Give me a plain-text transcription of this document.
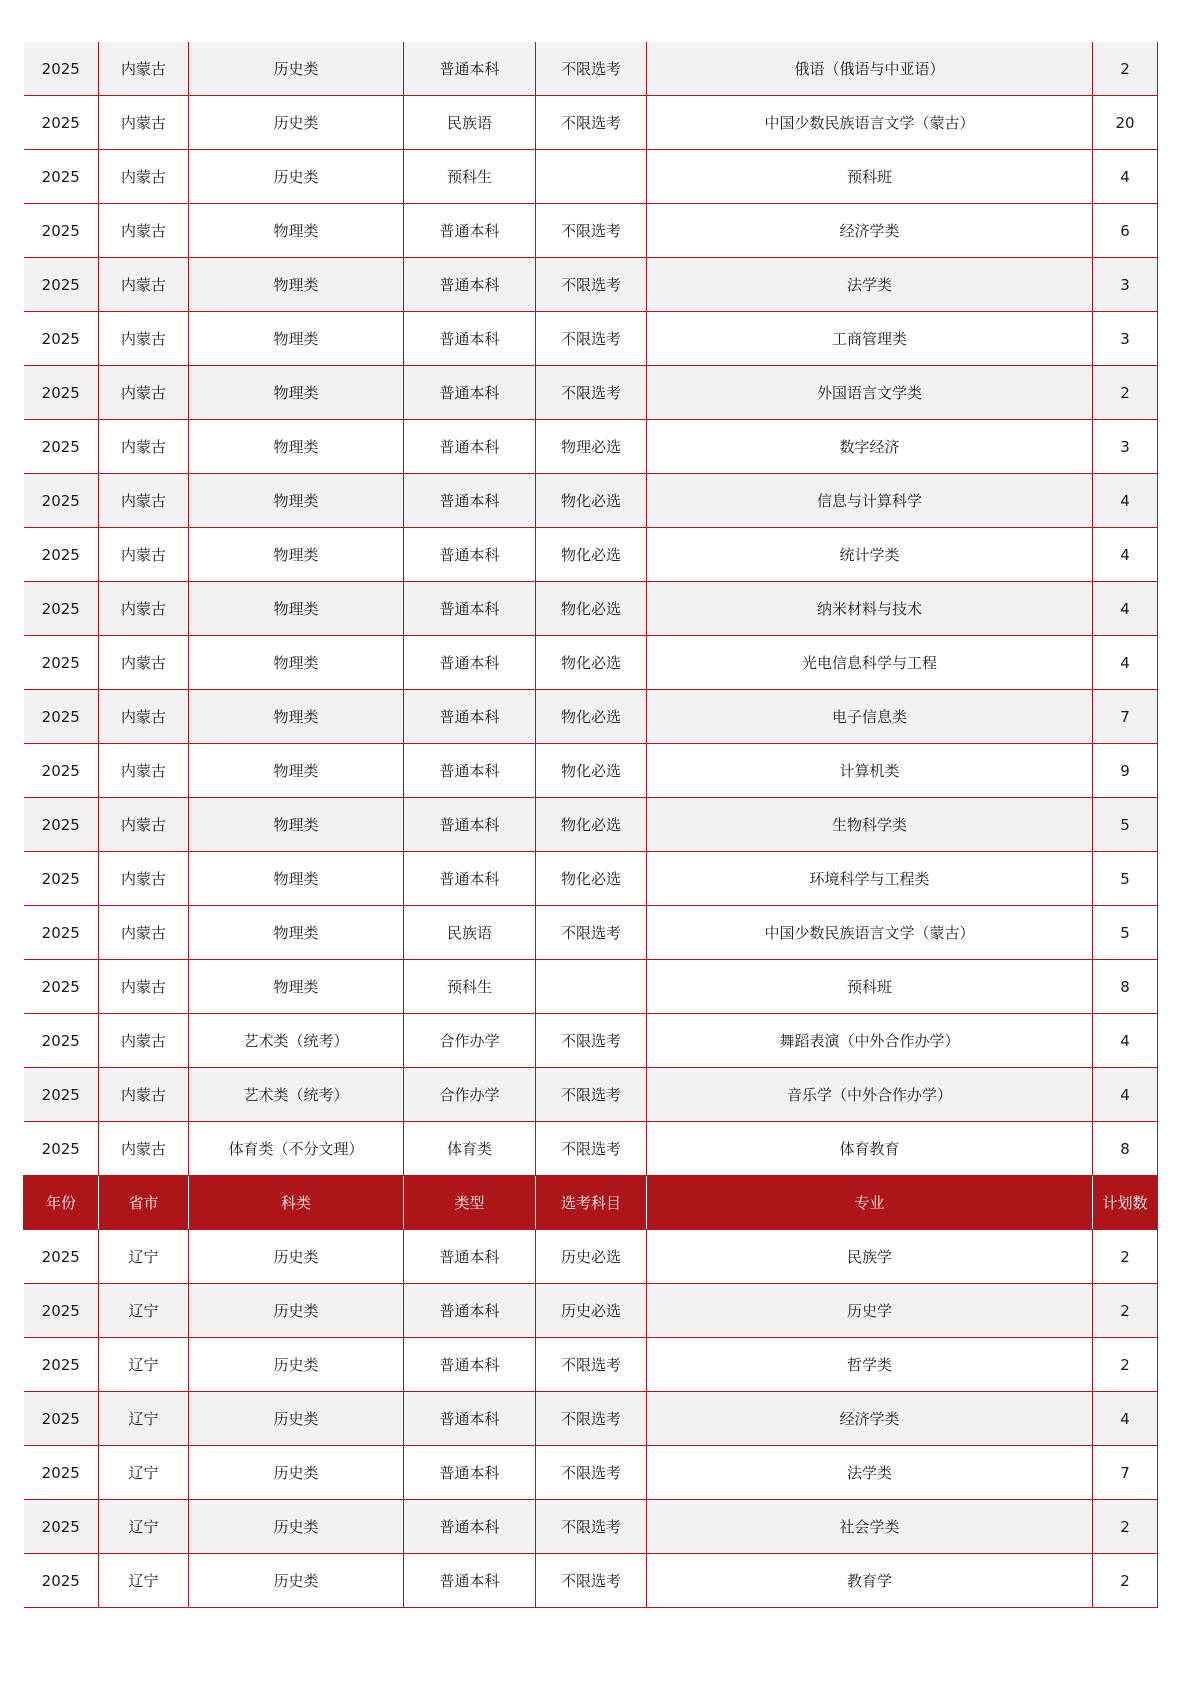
2025	内蒙古	历史类	普通本科	不限选考	俄语（俄语与中亚语）	2
2025	内蒙古	历史类	民族语	不限选考	中国少数民族语言文学（蒙古）	20
2025	内蒙古	历史类	预科生		预科班	4
2025	内蒙古	物理类	普通本科	不限选考	经济学类	6
2025	内蒙古	物理类	普通本科	不限选考	法学类	3
2025	内蒙古	物理类	普通本科	不限选考	工商管理类	3
2025	内蒙古	物理类	普通本科	不限选考	外国语言文学类	2
2025	内蒙古	物理类	普通本科	物理必选	数字经济	3
2025	内蒙古	物理类	普通本科	物化必选	信息与计算科学	4
2025	内蒙古	物理类	普通本科	物化必选	统计学类	4
2025	内蒙古	物理类	普通本科	物化必选	纳米材料与技术	4
2025	内蒙古	物理类	普通本科	物化必选	光电信息科学与工程	4
2025	内蒙古	物理类	普通本科	物化必选	电子信息类	7
2025	内蒙古	物理类	普通本科	物化必选	计算机类	9
2025	内蒙古	物理类	普通本科	物化必选	生物科学类	5
2025	内蒙古	物理类	普通本科	物化必选	环境科学与工程类	5
2025	内蒙古	物理类	民族语	不限选考	中国少数民族语言文学（蒙古）	5
2025	内蒙古	物理类	预科生		预科班	8
2025	内蒙古	艺术类（统考）	合作办学	不限选考	舞蹈表演（中外合作办学）	4
2025	内蒙古	艺术类（统考）	合作办学	不限选考	音乐学（中外合作办学）	4
2025	内蒙古	体育类（不分文理）	体育类	不限选考	体育教育	8
年份	省市	科类	类型	选考科目	专业	计划数
2025	辽宁	历史类	普通本科	历史必选	民族学	2
2025	辽宁	历史类	普通本科	历史必选	历史学	2
2025	辽宁	历史类	普通本科	不限选考	哲学类	2
2025	辽宁	历史类	普通本科	不限选考	经济学类	4
2025	辽宁	历史类	普通本科	不限选考	法学类	7
2025	辽宁	历史类	普通本科	不限选考	社会学类	2
2025	辽宁	历史类	普通本科	不限选考	教育学	2
